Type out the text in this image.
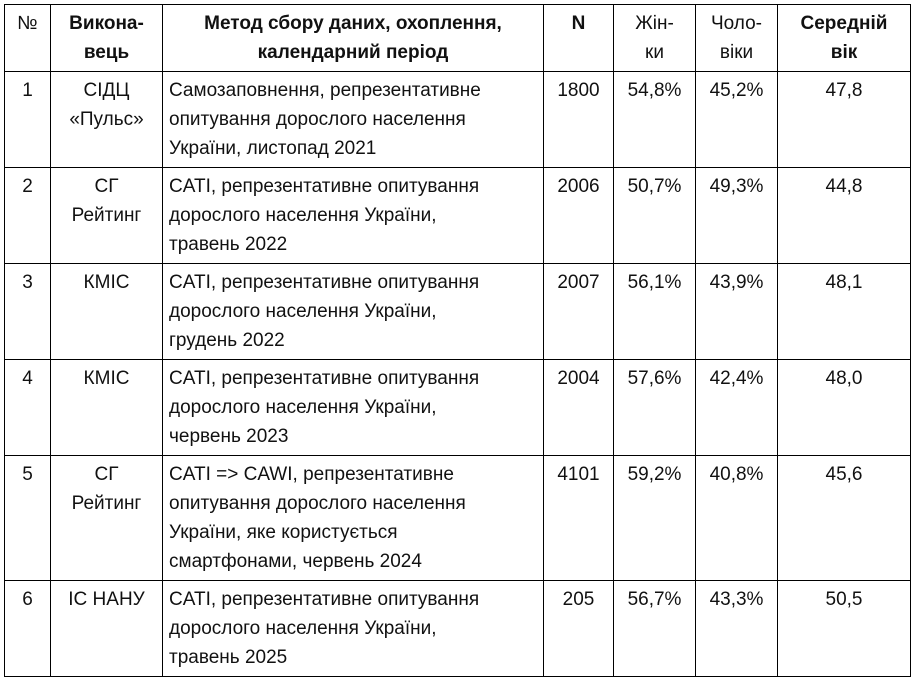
№	Викона-
вець	Метод сбору даних, охоплення,
календарний період	N	Жін-
ки	Чоло-
віки	Середній
вік

1	СІДЦ
«Пульс»	Самозаповнення, репрезентативне
опитування дорослого населення
України, листопад 2021	1800	54,8%	45,2%	47,8

2	СГ
Рейтинг	CATI, репрезентативне опитування
дорослого населення України,
травень 2022	2006	50,7%	49,3%	44,8

3	КМІС	CATI, репрезентативне опитування
дорослого населення України,
грудень 2022	2007	56,1%	43,9%	48,1

4	КМІС	CATI, репрезентативне опитування
дорослого населення України,
червень 2023	2004	57,6%	42,4%	48,0

5	СГ
Рейтинг	CATI => CAWI, репрезентативне
опитування дорослого населення
України, яке користується
смартфонами, червень 2024	4101	59,2%	40,8%	45,6

6	ІС НАНУ	CATI, репрезентативне опитування
дорослого населення України,
травень 2025	205	56,7%	43,3%	50,5
